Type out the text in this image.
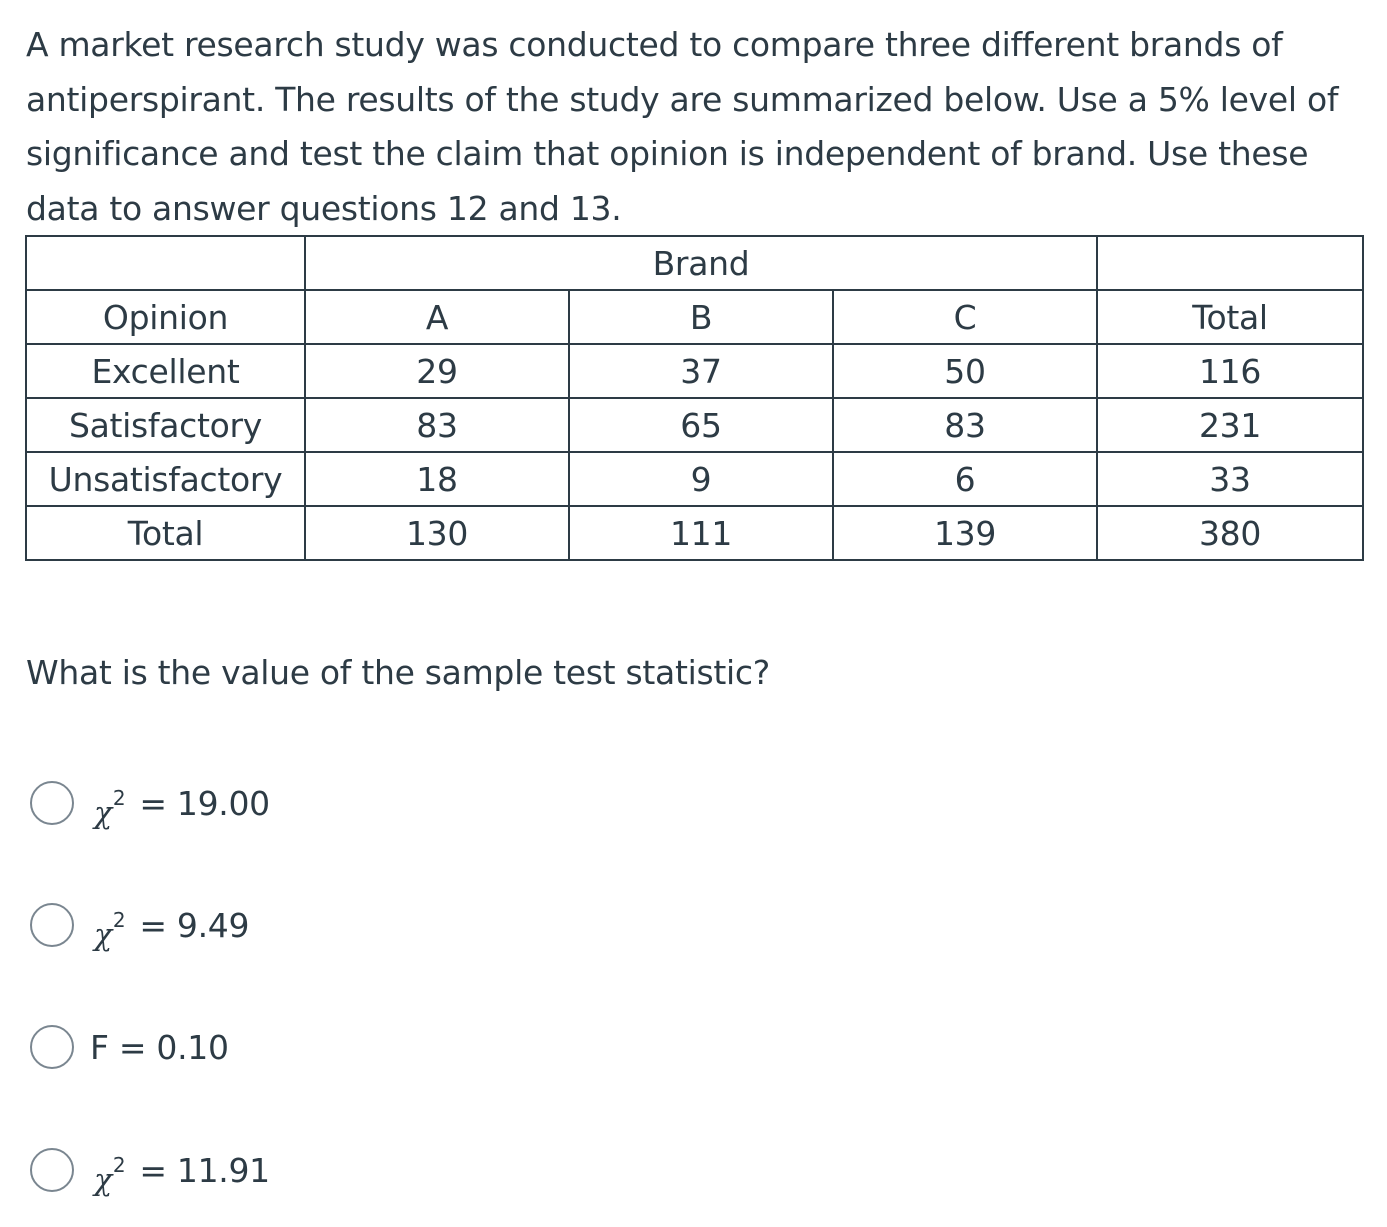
A market research study was conducted to compare three different brands of antiperspirant. The results of the study are summarized below. Use a 5% level of significance and test the claim that opinion is independent of brand. Use these data to answer questions 12 and 13.

	Brand			
Opinion	A	B	C	Total
Excellent	29	37	50	116
Satisfactory	83	65	83	231
Unsatisfactory	18	9	6	33
Total	130	111	139	380

What is the value of the sample test statistic?

$\chi^2 = 19.00$
$\chi^2 = 9.49$
F = 0.10
$\chi^2 = 11.91$
